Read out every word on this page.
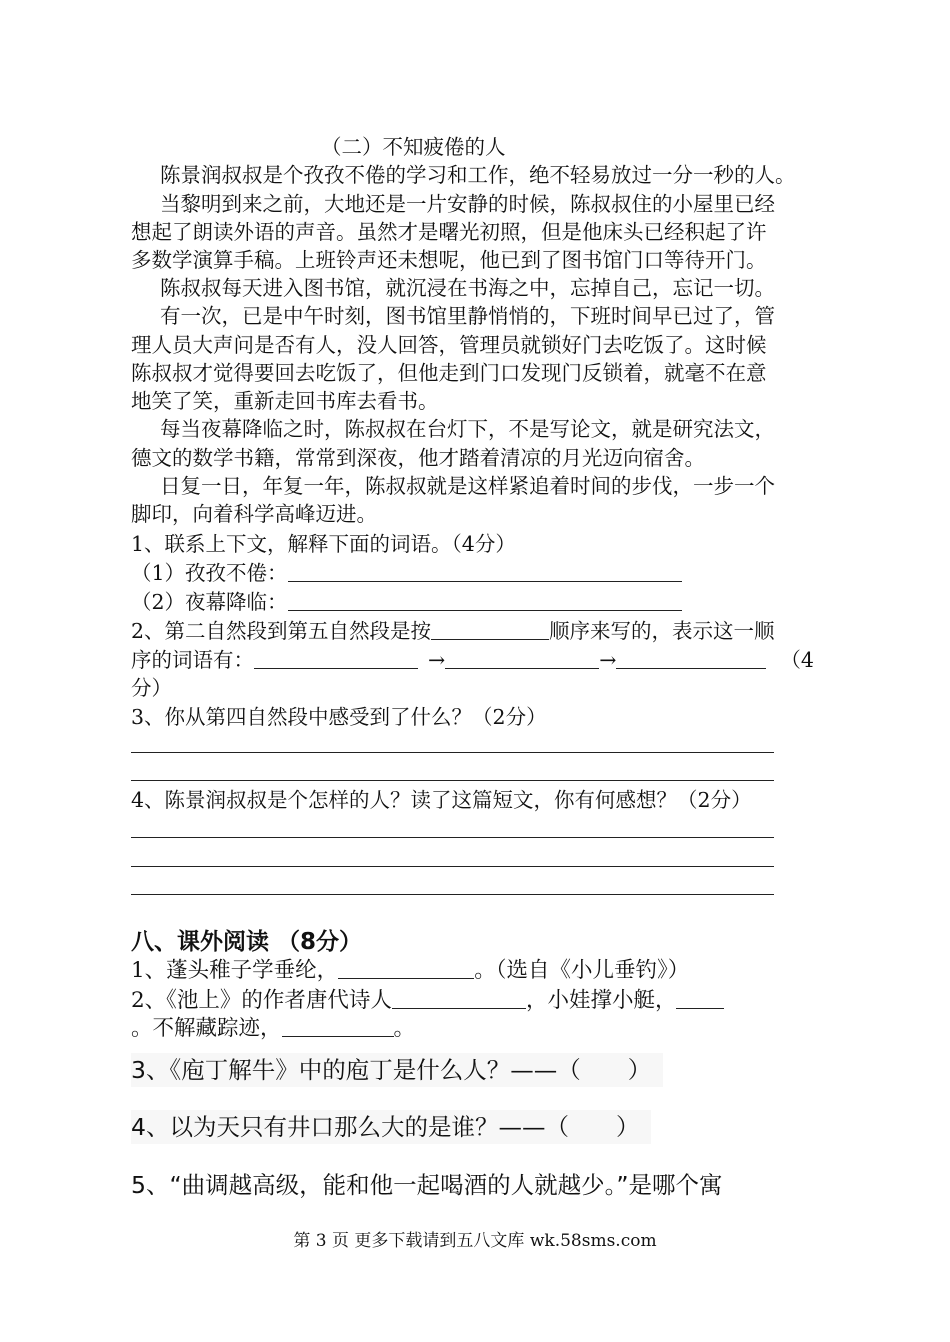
（二）不知疲倦的人
陈景润叔叔是个孜孜不倦的学习和工作，绝不轻易放过一分一秒的人。
当黎明到来之前，大地还是一片安静的时候，陈叔叔住的小屋里已经
想起了朗读外语的声音。虽然才是曙光初照，但是他床头已经积起了许
多数学演算手稿。上班铃声还未想呢，他已到了图书馆门口等待开门。
陈叔叔每天进入图书馆，就沉浸在书海之中，忘掉自己，忘记一切。
有一次，已是中午时刻，图书馆里静悄悄的，下班时间早已过了，管
理人员大声问是否有人，没人回答，管理员就锁好门去吃饭了。这时候
陈叔叔才觉得要回去吃饭了，但他走到门口发现门反锁着，就毫不在意
地笑了笑，重新走回书库去看书。
每当夜幕降临之时，陈叔叔在台灯下，不是写论文，就是研究法文，
德文的数学书籍，常常到深夜，他才踏着清凉的月光迈向宿舍。
日复一日，年复一年，陈叔叔就是这样紧追着时间的步伐，一步一个
脚印，向着科学高峰迈进。
1、联系上下文，解释下面的词语。（4分）
（1）孜孜不倦：
（2）夜幕降临：
2、第二自然段到第五自然段是按	顺序来写的，表示这一顺
序的词语有：	→	→	（4
分）
3、你从第四自然段中感受到了什么？（2分）
4、陈景润叔叔是个怎样的人？读了这篇短文，你有何感想？（2分）
八、课外阅读 （8分）
1、蓬头稚子学垂纶，	。（选自《小儿垂钓》）
2、《池上》的作者唐代诗人	，小娃撑小艇，
。不解藏踪迹，	。
3、《庖丁解牛》中的庖丁是什么人？——（　　）
4、以为天只有井口那么大的是谁？——（　　）
5、“曲调越高级，能和他一起喝酒的人就越少。”是哪个寓
第 3 页 更多下载请到五八文库 wk.58sms.com
